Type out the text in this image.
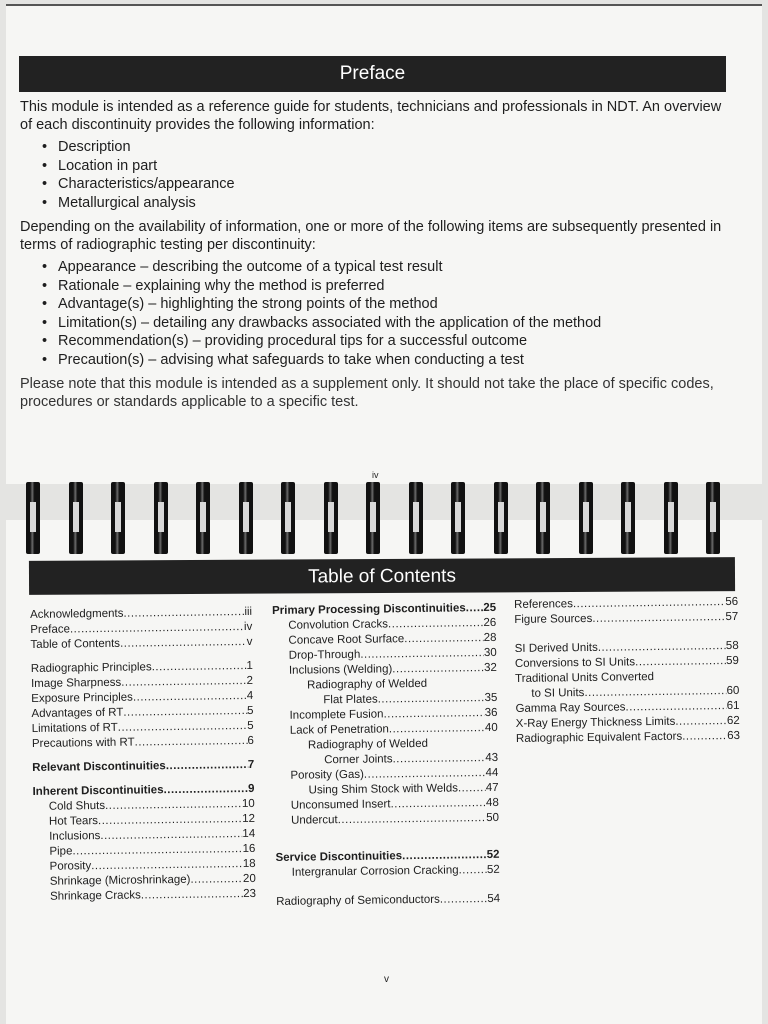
Preface

This module is intended as a reference guide for students, technicians and professionals in NDT. An overview of each discontinuity provides the following information:

• Description
• Location in part
• Characteristics/appearance
• Metallurgical analysis

Depending on the availability of information, one or more of the following items are subsequently presented in terms of radiographic testing per discontinuity:

• Appearance – describing the outcome of a typical test result
• Rationale – explaining why the method is preferred
• Advantage(s) – highlighting the strong points of the method
• Limitation(s) – detailing any drawbacks associated with the application of the method
• Recommendation(s) – providing procedural tips for a successful outcome
• Precaution(s) – advising what safeguards to take when conducting a test

Please note that this module is intended as a supplement only. It should not take the place of specific codes, procedures or standards applicable to a specific test.

iv
Table of Contents
Acknowledgments .....	iii
Preface .....	iv
Table of Contents .....	v
Radiographic Principles .....	1
Image Sharpness .....	2
Exposure Principles .....	4
Advantages of RT .....	5
Limitations of RT .....	5
Precautions with RT .....	6
Relevant Discontinuities .....	7
Inherent Discontinuities .....	9
Cold Shuts .....	10
Hot Tears .....	12
Inclusions .....	14
Pipe .....	16
Porosity .....	18
Shrinkage (Microshrinkage) .....	20
Shrinkage Cracks .....	23
Primary Processing Discontinuities ..... 25
Convolution Cracks .....	26
Concave Root Surface .....	28
Drop-Through .....	30
Inclusions (Welding) .....	32
Radiography of Welded
Flat Plates .....	35
Incomplete Fusion .....	36
Lack of Penetration .....	40
Radiography of Welded
Corner Joints .....	43
Porosity (Gas) .....	44
Using Shim Stock with Welds ..... 47
Unconsumed Insert .....	48
Undercut .....	50
Service Discontinuities .....	52
Intergranular Corrosion Cracking ..... 52
Radiography of Semiconductors .....	54
References .....	56
Figure Sources .....	57
SI Derived Units .....	58
Conversions to SI Units .....	59
Traditional Units Converted
to SI Units .....	60
Gamma Ray Sources .....	61
X-Ray Energy Thickness Limits .....	62
Radiographic Equivalent Factors .....	63
v
